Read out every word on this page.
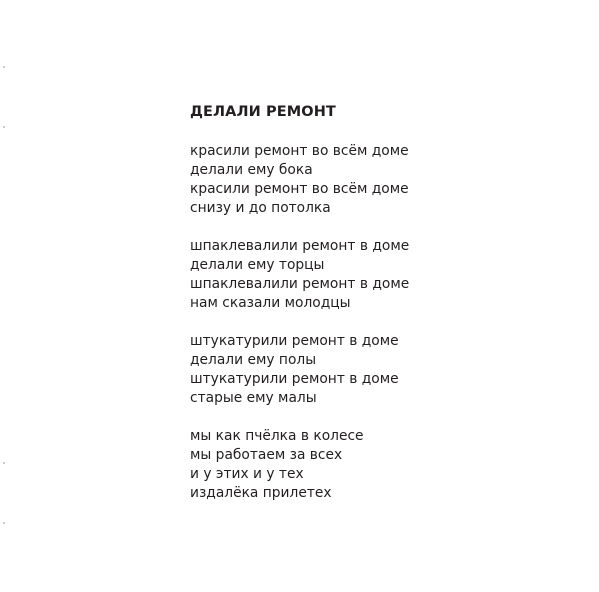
ДЕЛАЛИ РЕМОНТ

красили ремонт во всём доме
делали ему бока
красили ремонт во всём доме
снизу и до потолка

шпаклевалили ремонт в доме
делали ему торцы
шпаклевалили ремонт в доме
нам сказали молодцы

штукатурили ремонт в доме
делали ему полы
штукатурили ремонт в доме
старые ему малы

мы как пчёлка в колесе
мы работаем за всех
и у этих и у тех
издалёка прилетех
